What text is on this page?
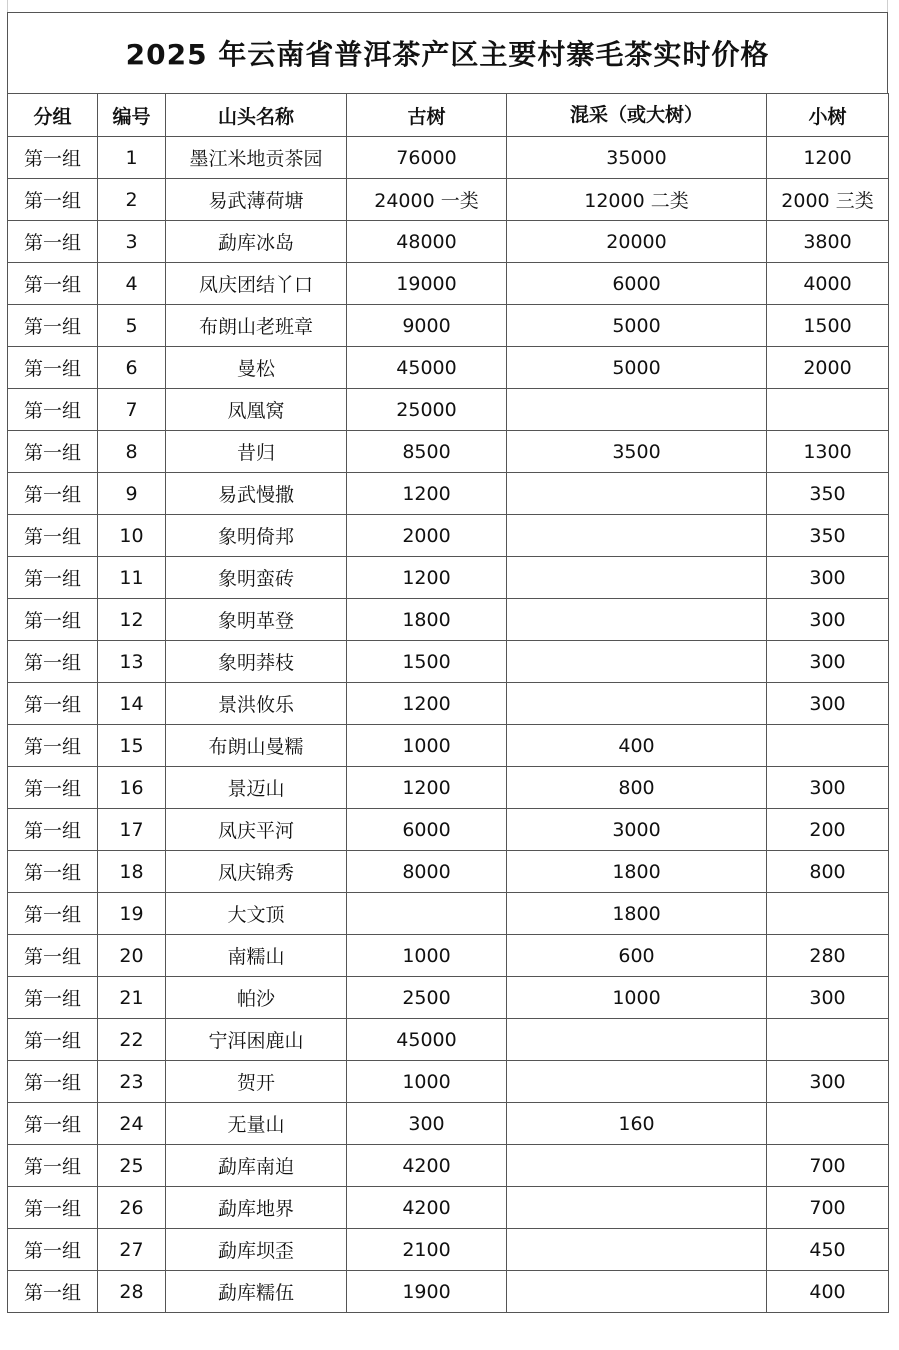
2025 年云南省普洱茶产区主要村寨毛茶实时价格
分组	编号	山头名称	古树	混采（或大树）	小树
第一组	1	墨江米地贡茶园	76000	35000	1200
第一组	2	易武薄荷塘	24000 一类	12000 二类	2000 三类
第一组	3	勐库冰岛	48000	20000	3800
第一组	4	凤庆团结丫口	19000	6000	4000
第一组	5	布朗山老班章	9000	5000	1500
第一组	6	曼松	45000	5000	2000
第一组	7	凤凰窝	25000		
第一组	8	昔归	8500	3500	1300
第一组	9	易武慢撒	1200		350
第一组	10	象明倚邦	2000		350
第一组	11	象明蛮砖	1200		300
第一组	12	象明革登	1800		300
第一组	13	象明莽枝	1500		300
第一组	14	景洪攸乐	1200		300
第一组	15	布朗山曼糯	1000	400	
第一组	16	景迈山	1200	800	300
第一组	17	凤庆平河	6000	3000	200
第一组	18	凤庆锦秀	8000	1800	800
第一组	19	大文顶		1800	
第一组	20	南糯山	1000	600	280
第一组	21	帕沙	2500	1000	300
第一组	22	宁洱困鹿山	45000		
第一组	23	贺开	1000		300
第一组	24	无量山	300	160	
第一组	25	勐库南迫	4200		700
第一组	26	勐库地界	4200		700
第一组	27	勐库坝歪	2100		450
第一组	28	勐库糯伍	1900		400
